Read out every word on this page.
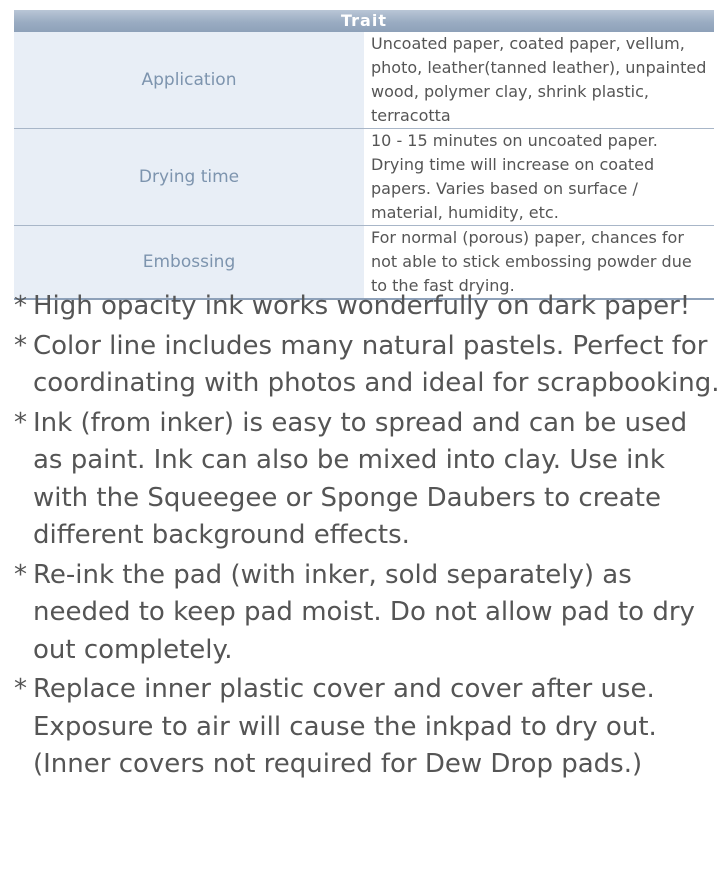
Trait	
Application	Uncoated paper, coated paper, vellum, photo, leather(tanned leather), unpainted wood, polymer clay, shrink plastic, terracotta
Drying time	10 - 15 minutes on uncoated paper. Drying time will increase on coated papers. Varies based on surface / material, humidity, etc.
Embossing	For normal (porous) paper, chances for not able to stick embossing powder due to the fast drying.
* High opacity ink works wonderfully on dark paper!
* Color line includes many natural pastels. Perfect for coordinating with photos and ideal for scrapbooking.
* Ink (from inker) is easy to spread and can be used as paint. Ink can also be mixed into clay. Use ink with the Squeegee or Sponge Daubers to create different background effects.
* Re-ink the pad (with inker, sold separately) as needed to keep pad moist. Do not allow pad to dry out completely.
* Replace inner plastic cover and cover after use. Exposure to air will cause the inkpad to dry out. (Inner covers not required for Dew Drop pads.)
